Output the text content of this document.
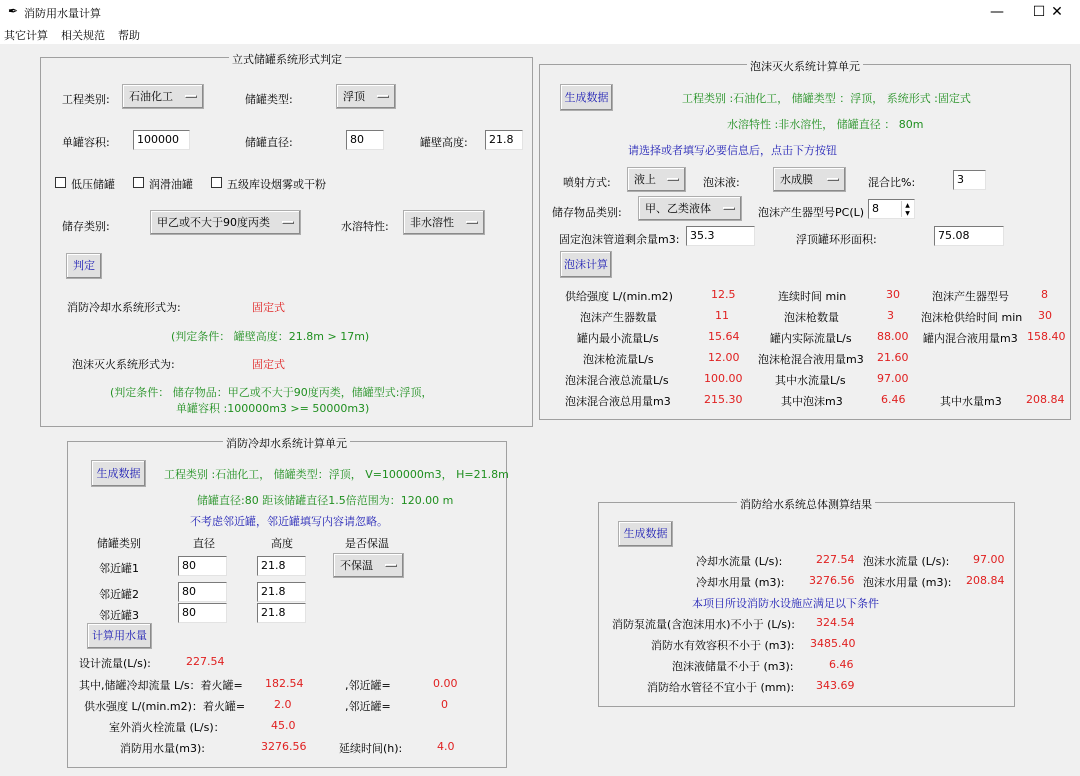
✒ 消防用水量计算	—	☐ ✕
其它计算 相关规范 帮助
立式储罐系统形式判定
工程类别:	石油化工	储罐类型:	浮顶
单罐容积:	100000	储罐直径:	80	罐壁高度:	21.8
低压储罐	润滑油罐	五级库设烟雾或干粉
储存类别:	甲乙或不大于90度丙类	水溶特性:	非水溶性
判定
消防冷却水系统形式为:	固定式
(判定条件： 罐壁高度：21.8m > 17m)
泡沫灭火系统形式为:	固定式
(判定条件： 储存物品：甲乙或不大于90度丙类，储罐型式:浮顶，
单罐容积 :100000m3 >= 50000m3)
泡沫灭火系统计算单元
生成数据	工程类别 :石油化工， 储罐类型 ：浮顶， 系统形式 :固定式
水溶特性 :非水溶性， 储罐直径 ： 80m
请选择或者填写必要信息后，点击下方按钮
喷射方式:	液上	泡沫液:	水成膜	混合比%:	3
储存物品类别:	甲、乙类液体	泡沫产生器型号PC(L) 8	▲
▼
固定泡沫管道剩余量m3: 35.3	浮顶罐环形面积:	75.08
泡沫计算
供给强度 L/(min.m2)	12.5	连续时间 min	30	泡沫产生器型号	8
泡沫产生器数量	11	泡沫枪数量	3 泡沫枪供给时间 min 30
罐内最小流量L/s	15.64	罐内实际流量L/s 88.00 罐内混合液用量m3 158.40
泡沫枪流量L/s	12.00 泡沫枪混合液用量m3 21.60
泡沫混合液总流量L/s	100.00	其中水流量L/s	97.00
泡沫混合液总用量m3	215.30	其中泡沫m3	6.46	其中水量m3 208.84
消防冷却水系统计算单元
生成数据	工程类别 :石油化工， 储罐类型：浮顶， V=100000m3， H=21.8m
储罐直径:80 距该储罐直径1.5倍范围为：120.00 m
不考虑邻近罐，邻近罐填写内容请忽略。
储罐类别	直径	高度	是否保温
邻近罐1	80	21.8	不保温
邻近罐2	80	21.8
邻近罐3	80	21.8
计算用水量
设计流量(L/s):	227.54
其中,储罐冷却流量 L/s：着火罐= 182.54	,邻近罐=	0.00
供水强度 L/(min.m2)：着火罐=	2.0	,邻近罐=	0
室外消火栓流量 (L/s)：	45.0
消防用水量(m3):	3276.56	延续时间(h):	4.0
消防给水系统总体测算结果
生成数据
冷却水流量 (L/s):	227.54 泡沫水流量 (L/s): 97.00
冷却水用量 (m3): 3276.56 泡沫水用量 (m3): 208.84
本项目所设消防水设施应满足以下条件
消防泵流量(含泡沫用水)不小于 (L/s): 324.54
消防水有效容积不小于 (m3): 3485.40
泡沫液储量不小于 (m3):	6.46
消防给水管径不宜小于 (mm): 343.69
